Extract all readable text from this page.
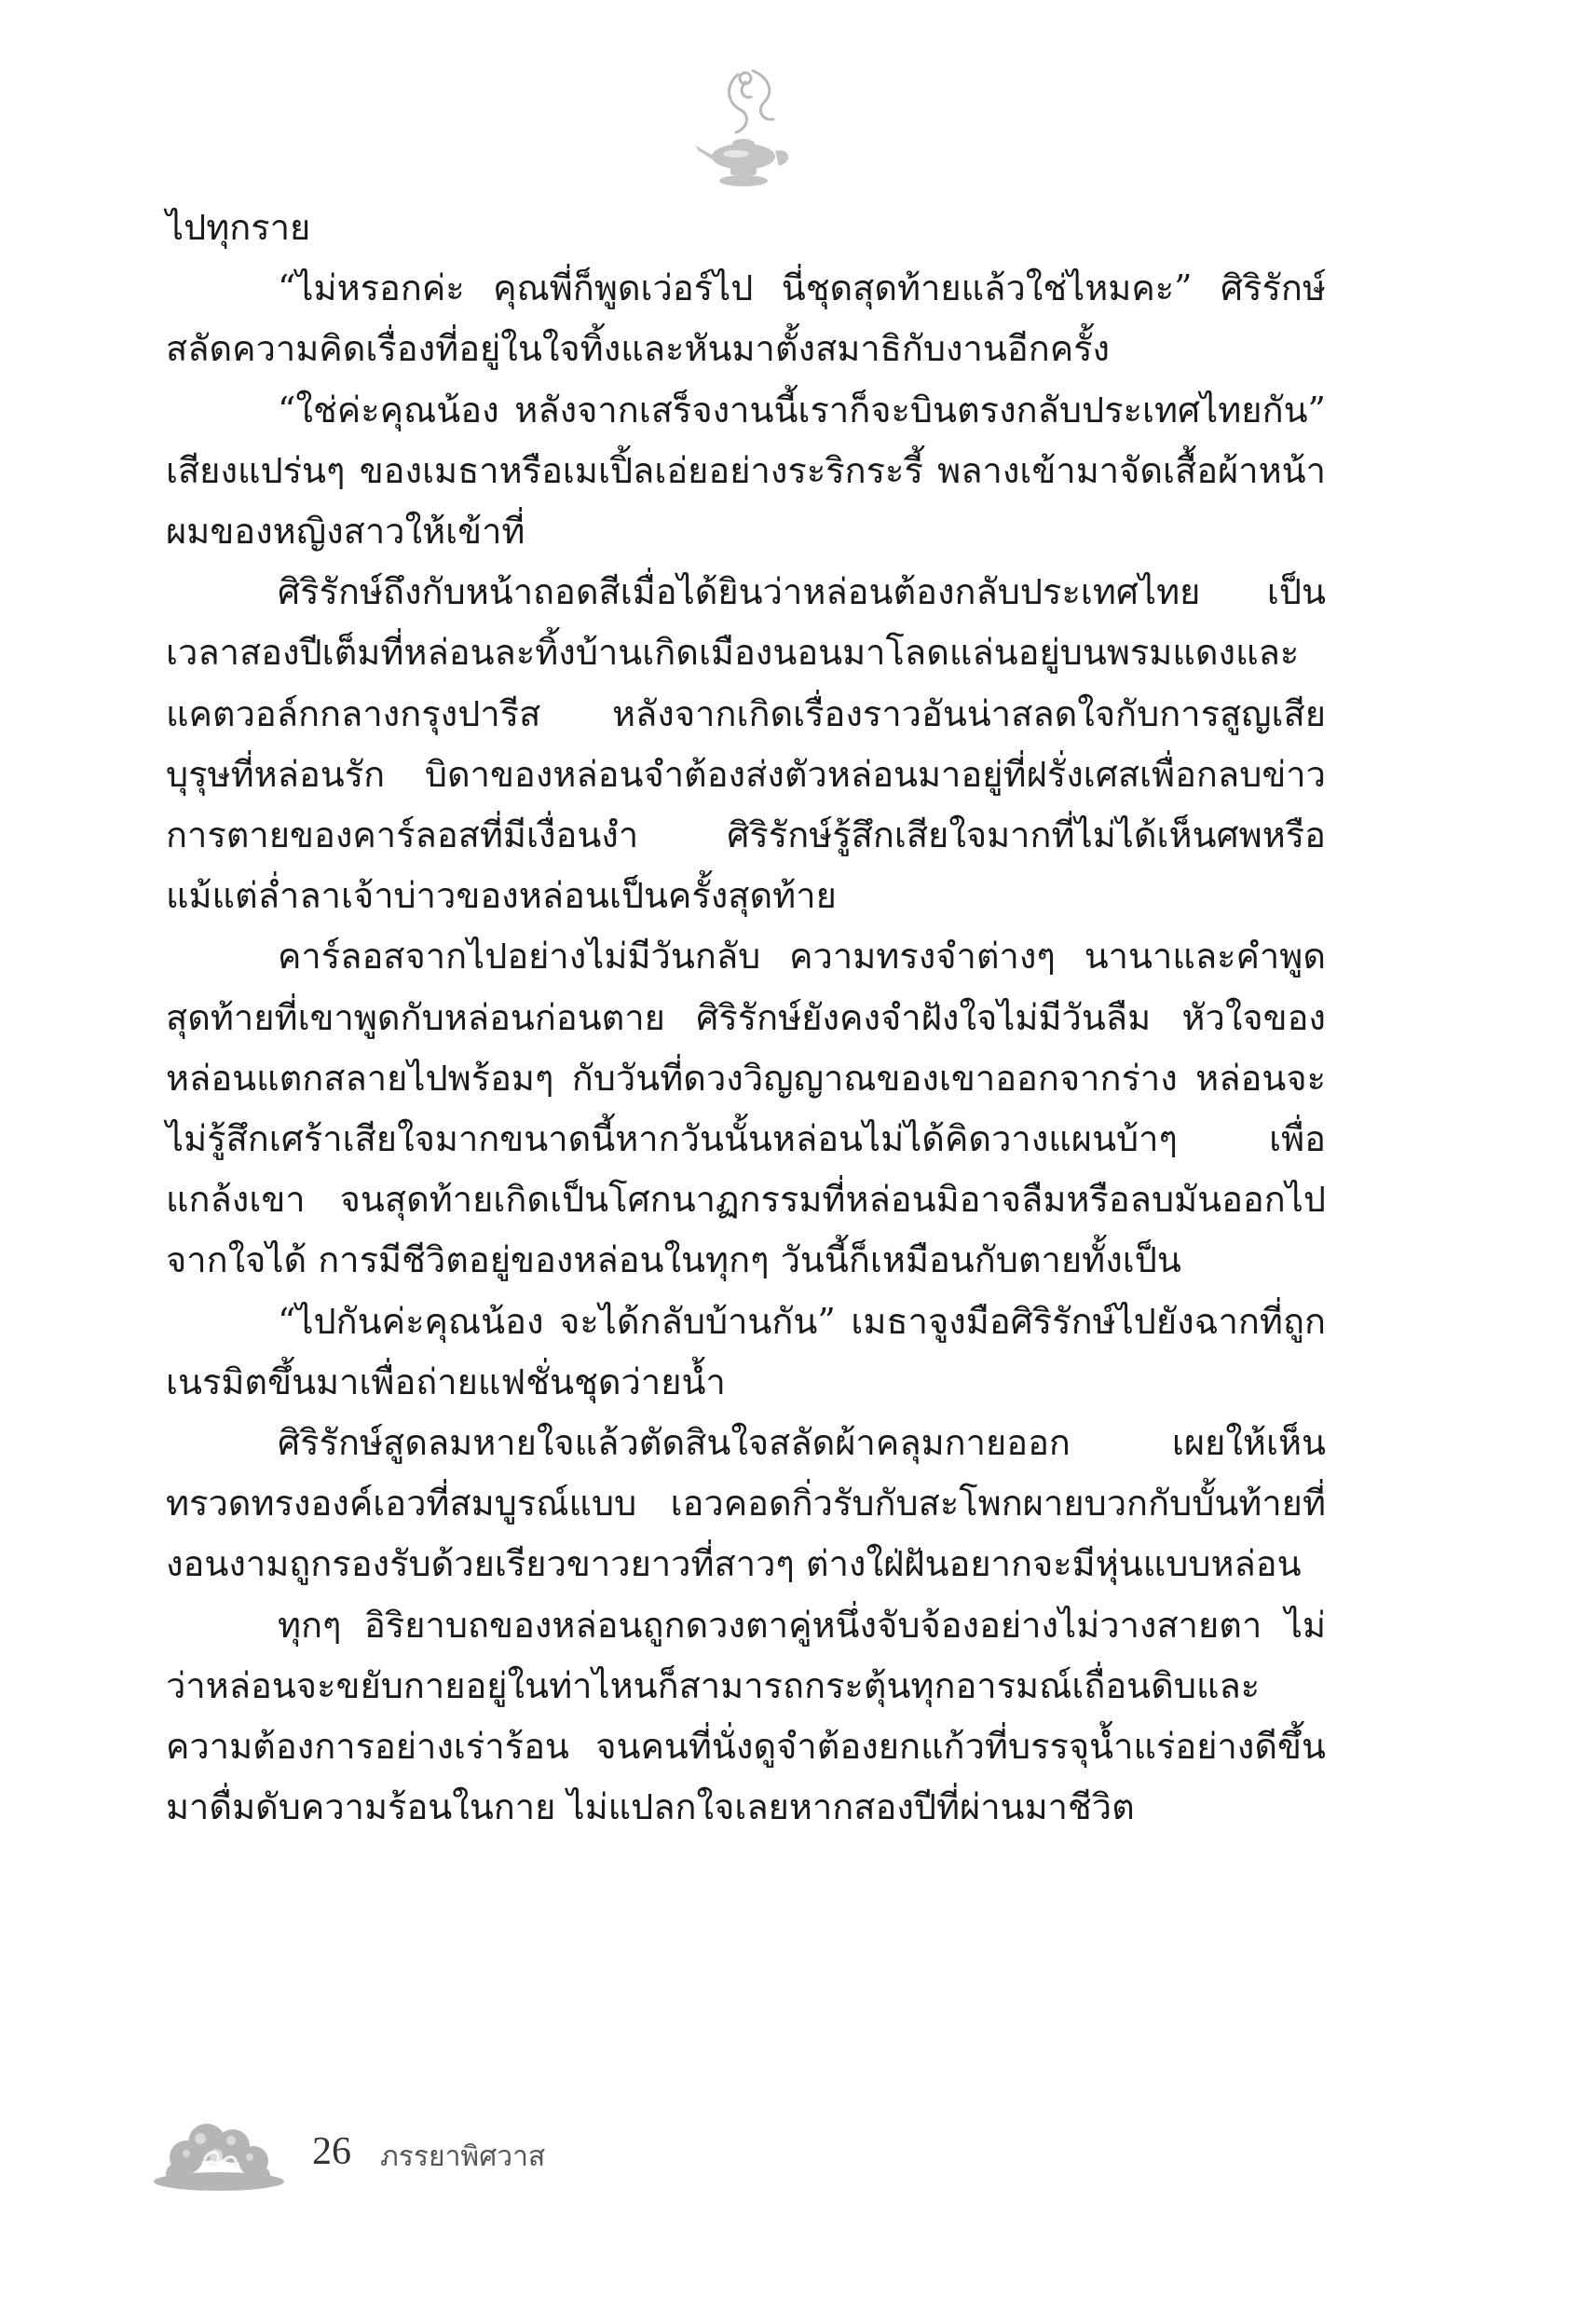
ไปทุกราย

“ไม่หรอกค่ะ คุณพี่ก็พูดเว่อร์ไป นี่ชุดสุดท้ายแล้วใช่ไหมคะ” ศิริรักษ์สลัดความคิดเรื่องที่อยู่ในใจทิ้งและหันมาตั้งสมาธิกับงานอีกครั้ง

“ใช่ค่ะคุณน้อง หลังจากเสร็จงานนี้เราก็จะบินตรงกลับประเทศไทยกัน” เสียงแปร่นๆ ของเมธาหรือเมเปิ้ลเอ่ยอย่างระริกระรี้ พลางเข้ามาจัดเสื้อผ้าหน้าผมของหญิงสาวให้เข้าที่

ศิริรักษ์ถึงกับหน้าถอดสีเมื่อได้ยินว่าหล่อนต้องกลับประเทศไทย เป็นเวลาสองปีเต็มที่หล่อนละทิ้งบ้านเกิดเมืองนอนมาโลดแล่นอยู่บนพรมแดงและแคตวอล์กกลางกรุงปารีส หลังจากเกิดเรื่องราวอันน่าสลดใจกับการสูญเสียบุรุษที่หล่อนรัก บิดาของหล่อนจำต้องส่งตัวหล่อนมาอยู่ที่ฝรั่งเศสเพื่อกลบข่าวการตายของคาร์ลอสที่มีเงื่อนงำ ศิริรักษ์รู้สึกเสียใจมากที่ไม่ได้เห็นศพหรือแม้แต่ล่ำลาเจ้าบ่าวของหล่อนเป็นครั้งสุดท้าย

คาร์ลอสจากไปอย่างไม่มีวันกลับ ความทรงจำต่างๆ นานาและคำพูดสุดท้ายที่เขาพูดกับหล่อนก่อนตาย ศิริรักษ์ยังคงจำฝังใจไม่มีวันลืม หัวใจของหล่อนแตกสลายไปพร้อมๆ กับวันที่ดวงวิญญาณของเขาออกจากร่าง หล่อนจะไม่รู้สึกเศร้าเสียใจมากขนาดนี้หากวันนั้นหล่อนไม่ได้คิดวางแผนบ้าๆ เพื่อแกล้งเขา จนสุดท้ายเกิดเป็นโศกนาฏกรรมที่หล่อนมิอาจลืมหรือลบมันออกไปจากใจได้ การมีชีวิตอยู่ของหล่อนในทุกๆ วันนี้ก็เหมือนกับตายทั้งเป็น

“ไปกันค่ะคุณน้อง จะได้กลับบ้านกัน” เมธาจูงมือศิริรักษ์ไปยังฉากที่ถูกเนรมิตขึ้นมาเพื่อถ่ายแฟชั่นชุดว่ายน้ำ

ศิริรักษ์สูดลมหายใจแล้วตัดสินใจสลัดผ้าคลุมกายออก เผยให้เห็นทรวดทรงองค์เอวที่สมบูรณ์แบบ เอวคอดกิ่วรับกับสะโพกผายบวกกับบั้นท้ายที่งอนงามถูกรองรับด้วยเรียวขาวยาวที่สาวๆ ต่างใฝ่ฝันอยากจะมีหุ่นแบบหล่อน

ทุกๆ อิริยาบถของหล่อนถูกดวงตาคู่หนึ่งจับจ้องอย่างไม่วางสายตา ไม่ว่าหล่อนจะขยับกายอยู่ในท่าไหนก็สามารถกระตุ้นทุกอารมณ์เถื่อนดิบและความต้องการอย่างเร่าร้อน จนคนที่นั่งดูจำต้องยกแก้วที่บรรจุน้ำแร่อย่างดีขึ้นมาดื่มดับความร้อนในกาย ไม่แปลกใจเลยหากสองปีที่ผ่านมาชีวิต

26 ภรรยาพิศวาส
